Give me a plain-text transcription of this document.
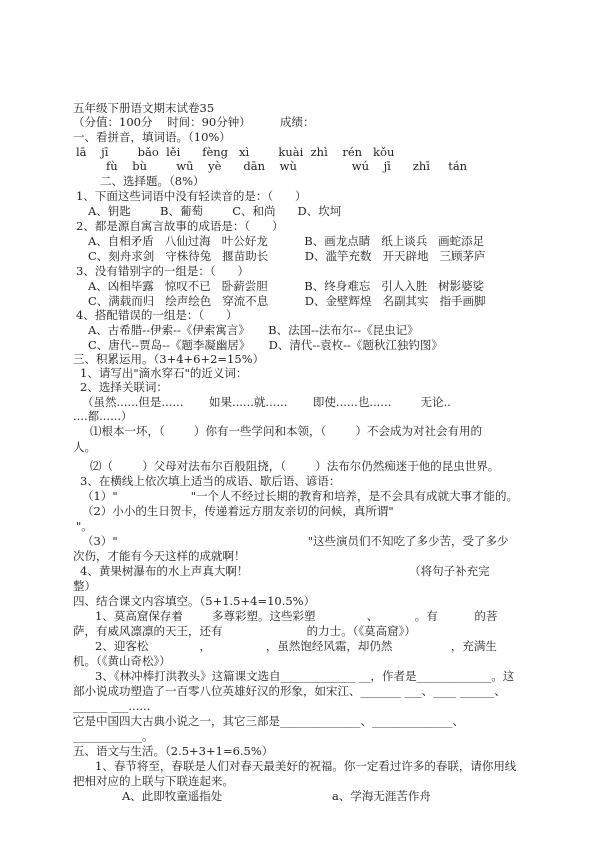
五年级下册语文期末试卷35
（分值：100分    时间：90分钟）        成绩：
一、看拼音，填词语。（10%）
lā    jī        bǎo  lěi      fèng   xì        kuài  zhì    rén   kǒu
fù    bù        wū    yè      dān    wù               wú    jī      zhī     tán
二、选择题。（8%）
1、下面这些词语中没有轻读音的是：（      ）
A、钥匙        B、葡萄        C、和尚      D、坎坷
2、都是源自寓言故事的成语是：（      ）
A、自相矛盾   八仙过海   叶公好龙          B、画龙点睛   纸上谈兵   画蛇添足
C、刻舟求剑   守株待兔   揠苗助长          D、滥竽充数   开天辟地   三顾茅庐
3、没有错别字的一组是：（      ）
A、凶相毕露   惊叹不已   卧薪尝胆          B、终身难忘   引人入胜   树影婆娑
C、满载而归   绘声绘色   穿流不息          D、金壁辉煌   名副其实   指手画脚
4、搭配错误的一组是：（      ）
A、古希腊--伊索--《伊索寓言》     B、法国--法布尔--《昆虫记》
C、唐代--贾岛--《题李凝幽居》     D、清代--袁枚--《题秋江独钓图》
三、积累运用。（3+4+6+2=15%）
1、请写出"滴水穿石"的近义词：
2、选择关联词：
（虽然......但是......       如果......就......       即使......也......        无论..
....都......）
⑴根本一坏，（        ）你有一些学问和本领，（        ）不会成为对社会有用的
人。
⑵（        ）父母对法布尔百般阻挠，（        ）法布尔仍然痴迷于他的昆虫世界。
3、在横线上依次填上适当的成语、歇后语、谚语：
（1）"                    "一个人不经过长期的教育和培养，是不会具有成就大事才能的。
（2）小小的生日贺卡，传递着远方朋友亲切的问候，真所谓"
"。
（3）"                                                    "这些演员们不知吃了多少苦，受了多少
次伤，才能有今天这样的成就啊！
4、黄果树瀑布的水上声真大啊！                                            （将句子补充完
整）
四、结合课文内容填空。（5+1.5+4=10.5%）
1、莫高窟保存着        多尊彩塑。这些彩塑              、          。有          的菩
萨，有威风凛凛的天王，还有                       的力士。（《莫高窟》）
2、迎客松              ，               ，虽然饱经风霜，却仍然                ，充满生
机。（《黄山奇松》）
3、《林冲棒打洪教头》这篇课文选自_____________ __，作者是_____________。这
部小说成功塑造了一百零八位英雄好汉的形象，如宋江、_______ ___、____ ______、
______ ___......
它是中国四大古典小说之一，其它三部是______________、______________、
____________。
五、语文与生活。（2.5+3+1=6.5%）
1、春节将至，春联是人们对春天最美好的祝福。你一定看过许多的春联，请你用线
把相对应的上联与下联连起来。
A、此即牧童遥指处                              a、学海无涯苦作舟
